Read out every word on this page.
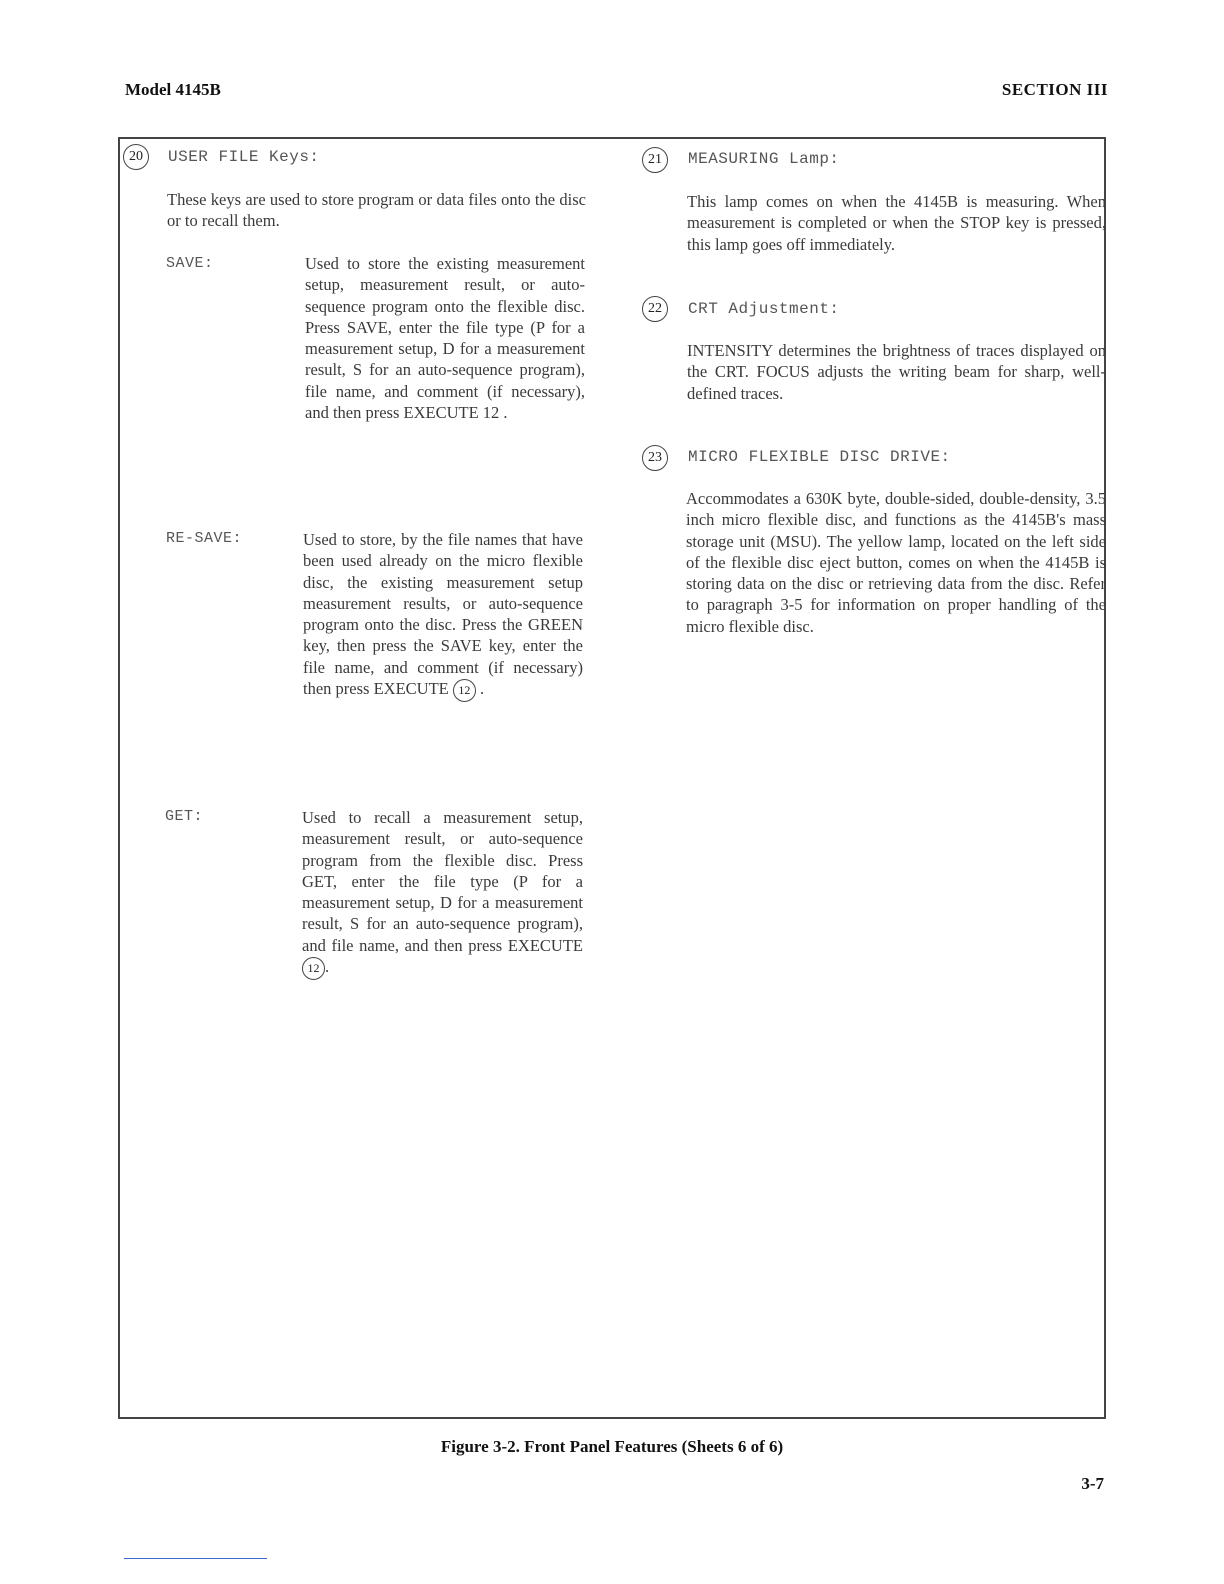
Model 4145B	SECTION III
20	USER FILE Keys:

These keys are used to store program or data files onto the disc or to recall them.

SAVE:	Used to store the existing measurement setup, measurement result, or auto-sequence program onto the flexible disc. Press SAVE, enter the file type (P for a measurement setup, D for a measurement result, S for an auto-sequence program), file name, and comment (if necessary), and then press EXECUTE 12 .

RE-SAVE:	Used to store, by the file names that have been used already on the micro flexible disc, the existing measurement setup measurement results, or auto-sequence program onto the disc. Press the GREEN key, then press the SAVE key, enter the file name, and comment (if necessary) then press EXECUTE 12 .

GET:	Used to recall a measurement setup, measurement result, or auto-sequence program from the flexible disc. Press GET, enter the file type (P for a measurement setup, D for a measurement result, S for an auto-sequence program), and file name, and then press EXECUTE 12 .

21	MEASURING Lamp:

This lamp comes on when the 4145B is measuring. When measurement is completed or when the STOP key is pressed, this lamp goes off immediately.

22	CRT Adjustment:

INTENSITY determines the brightness of traces displayed on the CRT. FOCUS adjusts the writing beam for sharp, well-defined traces.

23	MICRO FLEXIBLE DISC DRIVE:

Accommodates a 630K byte, double-sided, double-density, 3.5 inch micro flexible disc, and functions as the 4145B's mass storage unit (MSU). The yellow lamp, located on the left side of the flexible disc eject button, comes on when the 4145B is storing data on the disc or retrieving data from the disc. Refer to paragraph 3-5 for information on proper handling of the micro flexible disc.

Figure 3-2. Front Panel Features (Sheets 6 of 6)
3-7
